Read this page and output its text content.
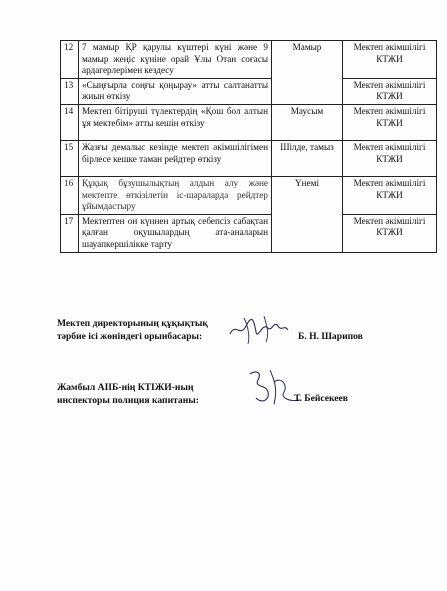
12	7 мамыр ҚР қарулы күштері күні және 9 мамыр жеңіс күніне орай Ұлы Отан соғасы ардагерлерімен кездесу	Мамыр	Мектеп әкімшілігі КТЖИ
13	«Сыңғырла соңғы қоңырау» атты салтанатты жиын өткізу		Мектеп әкімшілігі КТЖИ
14	Мектеп бітіруші түлектердің «Қош бол алтын ұя мектебім» атты кешін өткізу	Маусым	Мектеп әкімшілігі КТЖИ
15	Жазғы демалыс кезінде мектеп әкімшілігімен бірлесе кешке таман рейдтер өткізу	Шілде, тамыз	Мектеп әкімшілігі КТЖИ
16	Құқық бұзушылықтың алдын алу және мектепте өткізілетін іс-шараларда рейдтер ұйымдастыру	Үнемі	Мектеп әкімшілігі КТЖИ
17	Мектептен он күннен артық себепсіз сабақтан қалған оқушылардың ата-аналарын шауапкершілікке тарту		Мектеп әкімшілігі КТЖИ
Мектеп директорының құқықтық
тәрбие ісі жөніндегі орынбасары:	Б. Н. Шарипов
Жамбыл АІІБ-нің КТІЖИ-ның
инспекторы полиция капитаны:	Т. Бейсекеев
